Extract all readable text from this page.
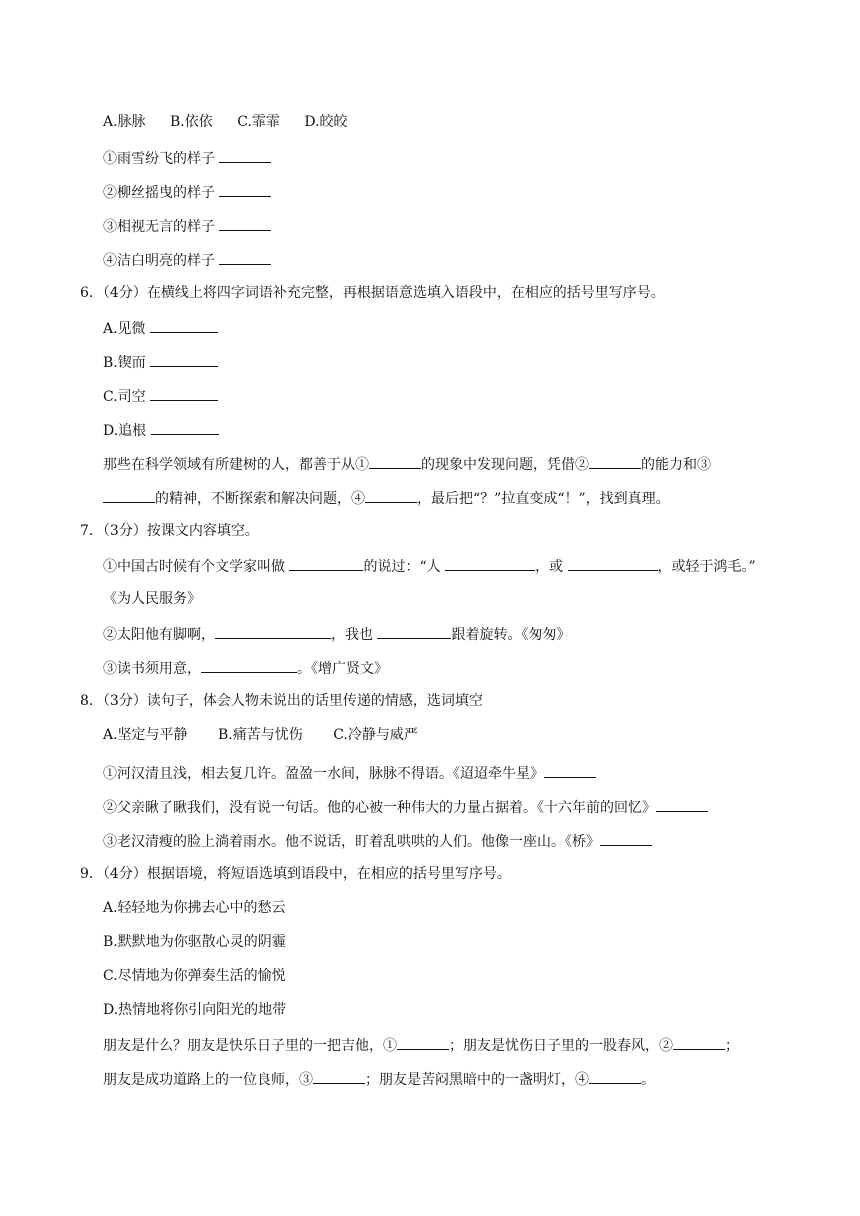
A.脉脉 B.依依 C.霏霏 D.皎皎
①雨雪纷飞的样子
②柳丝摇曳的样子
③相视无言的样子
④洁白明亮的样子
6．（4分）在横线上将四字词语补充完整，再根据语意选填入语段中，在相应的括号里写序号。
A.见微
B.锲而
C.司空
D.追根
那些在科学领域有所建树的人，都善于从①	的现象中发现问题，凭借②	的能力和③
的精神，不断探索和解决问题，④	，最后把“？”拉直变成“！”，找到真理。
7．（3分）按课文内容填空。
①中国古时候有个文学家叫做	的说过：“人	，或	，或轻于鸿毛。”
《为人民服务》
②太阳他有脚啊，	，我也	跟着旋转。《匆匆》
③读书须用意，	。《增广贤文》
8．（3分）读句子，体会人物未说出的话里传递的情感，选词填空
A.坚定与平静 B.痛苦与忧伤 C.冷静与威严
①河汉清且浅，相去复几许。盈盈一水间，脉脉不得语。《迢迢牵牛星》
②父亲瞅了瞅我们，没有说一句话。他的心被一种伟大的力量占据着。《十六年前的回忆》
③老汉清瘦的脸上淌着雨水。他不说话，盯着乱哄哄的人们。他像一座山。《桥》
9．（4分）根据语境，将短语选填到语段中，在相应的括号里写序号。
A.轻轻地为你拂去心中的愁云
B.默默地为你驱散心灵的阴霾
C.尽情地为你弹奏生活的愉悦
D.热情地将你引向阳光的地带
朋友是什么？朋友是快乐日子里的一把吉他，①	；朋友是忧伤日子里的一股春风，②	；
朋友是成功道路上的一位良师，③	；朋友是苦闷黑暗中的一盏明灯，④	。
